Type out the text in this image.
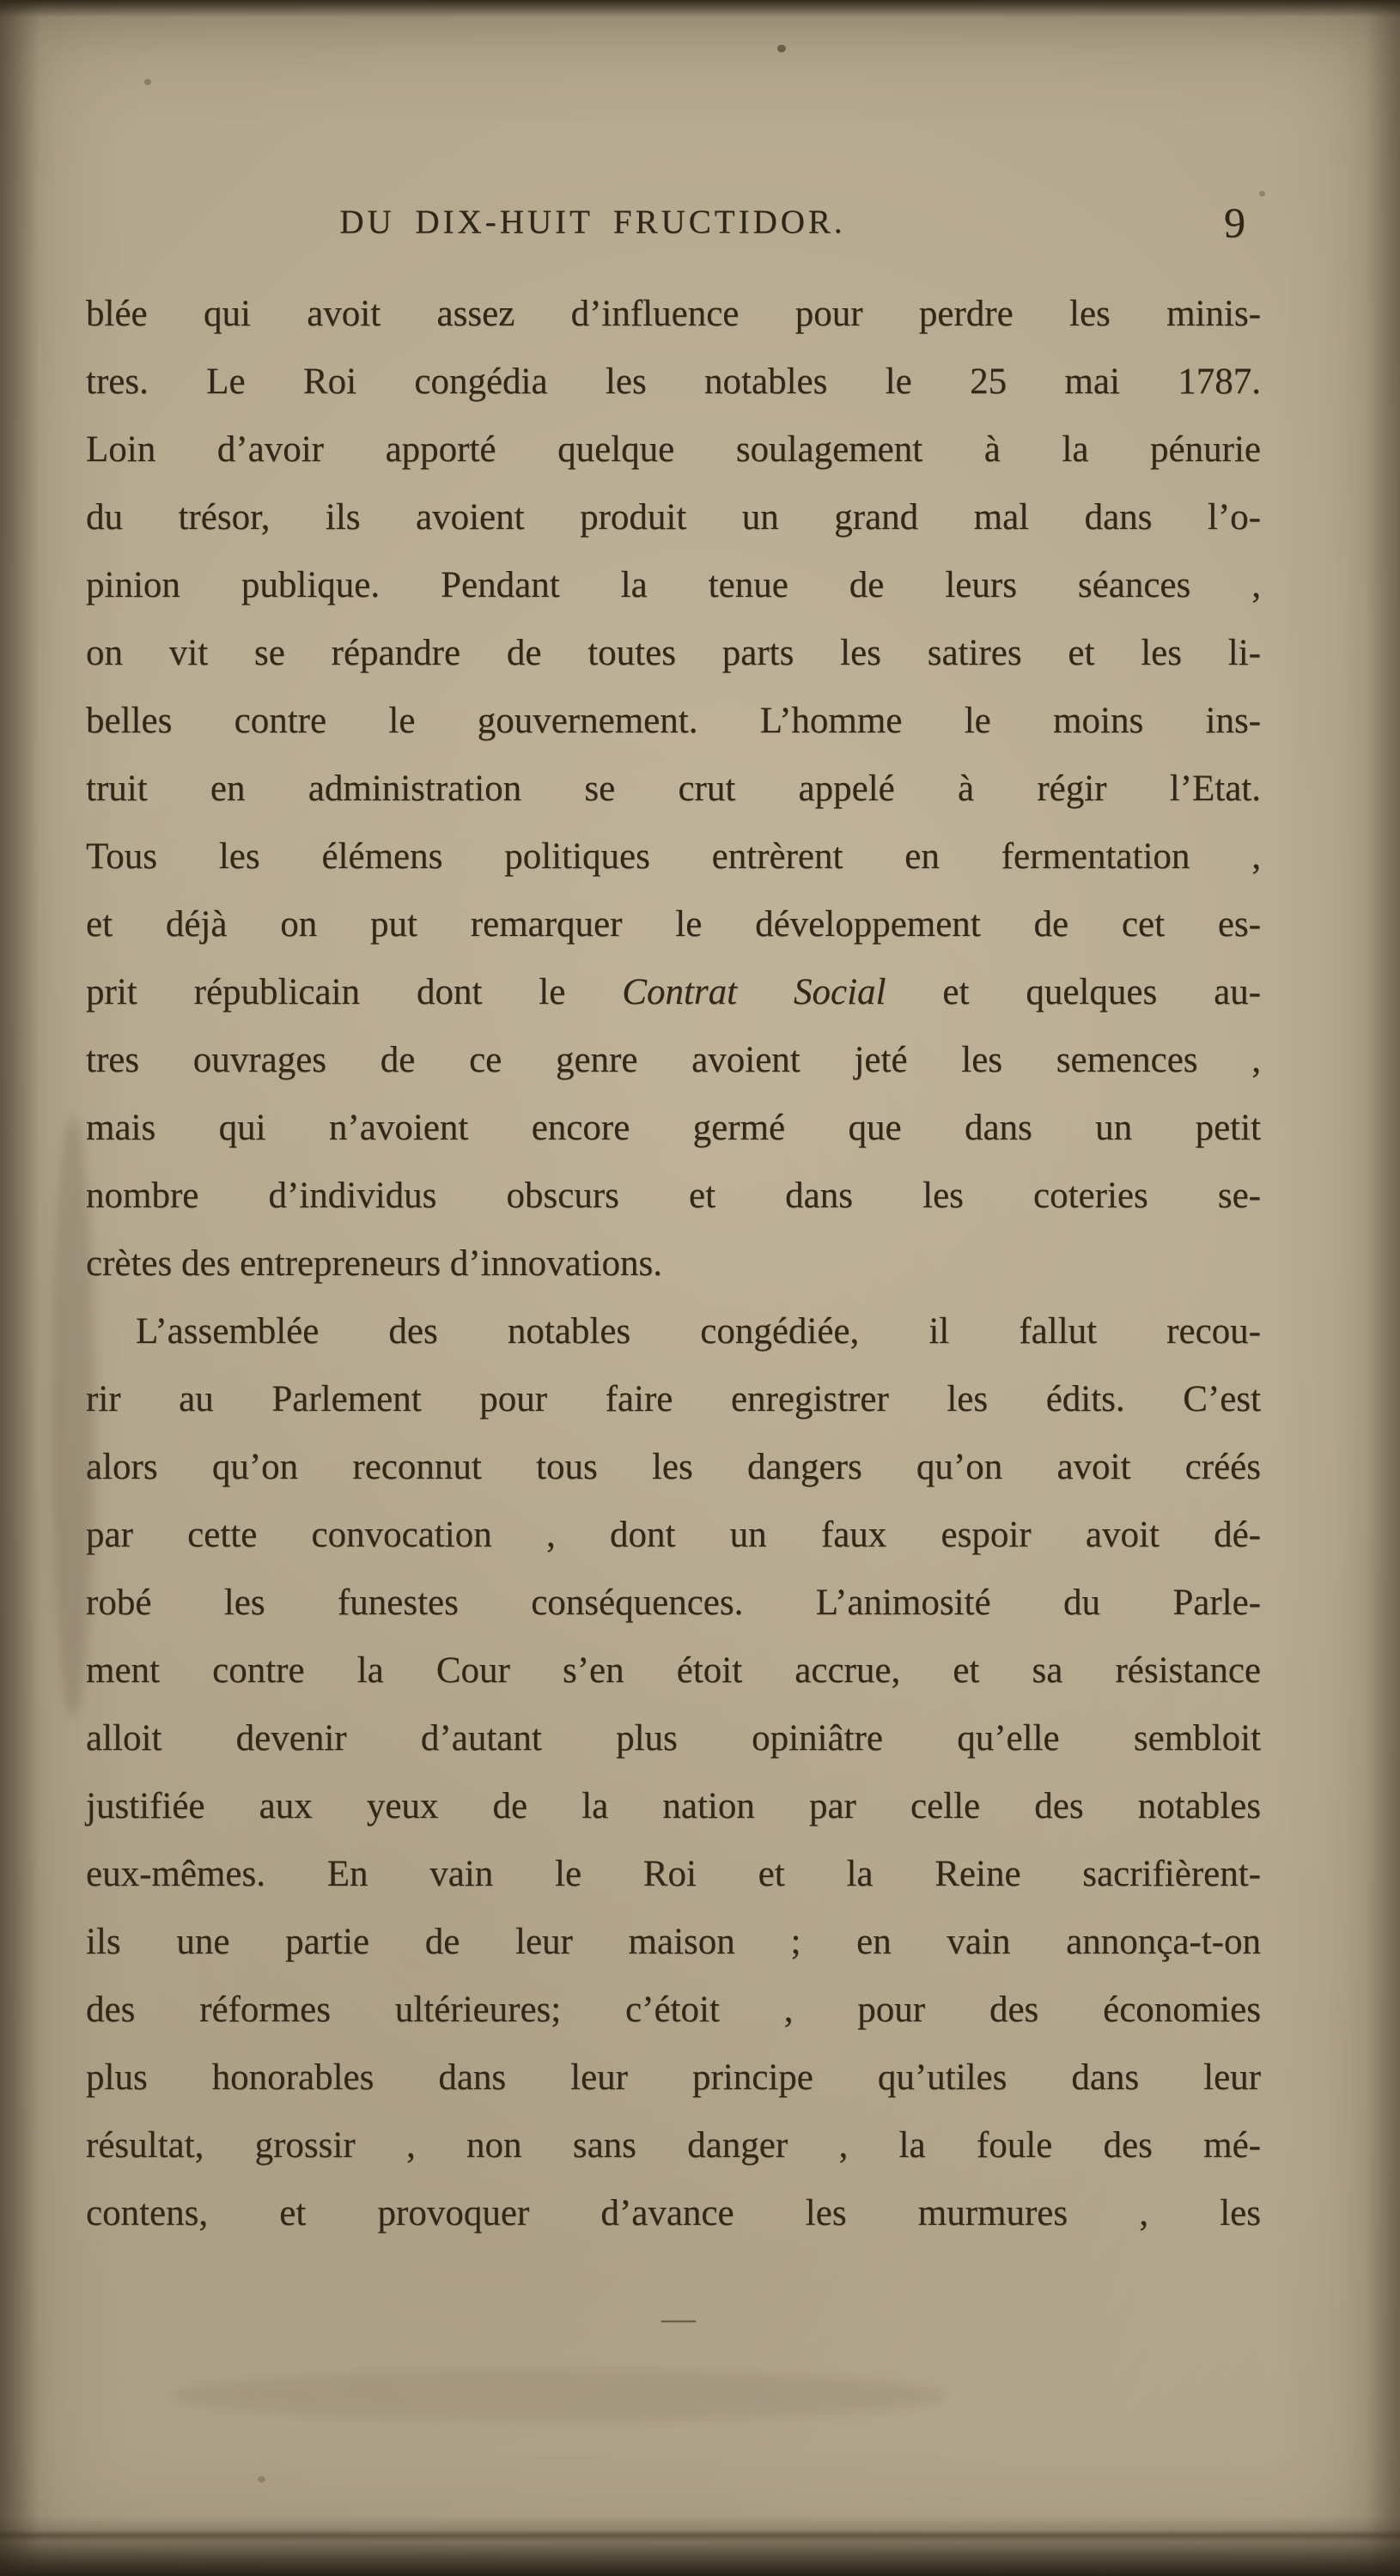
DU DIX-HUIT FRUCTIDOR.	9
blée qui avoit assez d’influence pour perdre les minis-
tres. Le Roi congédia les notables le 25 mai 1787.
Loin d’avoir apporté quelque soulagement à la pénurie
du trésor, ils avoient produit un grand mal dans l’o-
pinion publique. Pendant la tenue de leurs séances ,
on vit se répandre de toutes parts les satires et les li-
belles contre le gouvernement. L’homme le moins ins-
truit en administration se crut appelé à régir l’Etat.
Tous les élémens politiques entrèrent en fermentation ,
et déjà on put remarquer le développement de cet es-
prit républicain dont le Contrat Social et quelques au-
tres ouvrages de ce genre avoient jeté les semences ,
mais qui n’avoient encore germé que dans un petit
nombre d’individus obscurs et dans les coteries se-
crètes des entrepreneurs d’innovations.
L’assemblée des notables congédiée, il fallut recou-
rir au Parlement pour faire enregistrer les édits. C’est
alors qu’on reconnut tous les dangers qu’on avoit créés
par cette convocation , dont un faux espoir avoit dé-
robé les funestes conséquences. L’animosité du Parle-
ment contre la Cour s’en étoit accrue, et sa résistance
alloit devenir d’autant plus opiniâtre qu’elle sembloit
justifiée aux yeux de la nation par celle des notables
eux-mêmes. En vain le Roi et la Reine sacrifièrent-
ils une partie de leur maison ; en vain annonça-t-on
des réformes ultérieures; c’étoit , pour des économies
plus honorables dans leur principe qu’utiles dans leur
résultat, grossir , non sans danger , la foule des mé-
contens, et provoquer d’avance les murmures , les
—
